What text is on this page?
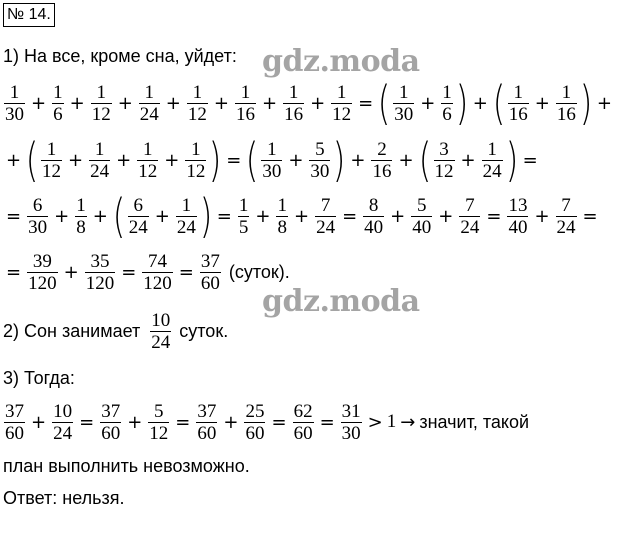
№ 14.
gdz.moda
gdz.moda
1) На все, кроме сна, уйдет:
$\frac{1}{30} + \frac{1}{6} + \frac{1}{12} + \frac{1}{24} + \frac{1}{12} + \frac{1}{16} + \frac{1}{16} + \frac{1}{12}$ = ( $\frac{1}{30} + \frac{1}{6}$ ) + ( $\frac{1}{16} + \frac{1}{16}$ ) +
+ ( $\frac{1}{12} + \frac{1}{24} + \frac{1}{12} + \frac{1}{12}$ ) = ( $\frac{1}{30} + \frac{5}{30}$ ) + $\frac{2}{16}$ + ( $\frac{3}{12} + \frac{1}{24}$ ) =
= $\frac{6}{30} + \frac{1}{8}$ + ( $\frac{6}{24} + \frac{1}{24}$ ) = $\frac{1}{5} + \frac{1}{8} + \frac{7}{24} = \frac{8}{40} + \frac{5}{40} + \frac{7}{24} = \frac{13}{40} + \frac{7}{24}$ =
= $\frac{39}{120} + \frac{35}{120} = \frac{74}{120} = \frac{37}{60}$ (суток).
2) Сон занимает $\frac{10}{24}$ суток.
3) Тогда:
$\frac{37}{60} + \frac{10}{24} = \frac{37}{60} + \frac{5}{12} = \frac{37}{60} + \frac{25}{60} = \frac{62}{60} = \frac{31}{30} > 1$ → значит, такой
план выполнить невозможно.
Ответ: нельзя.
